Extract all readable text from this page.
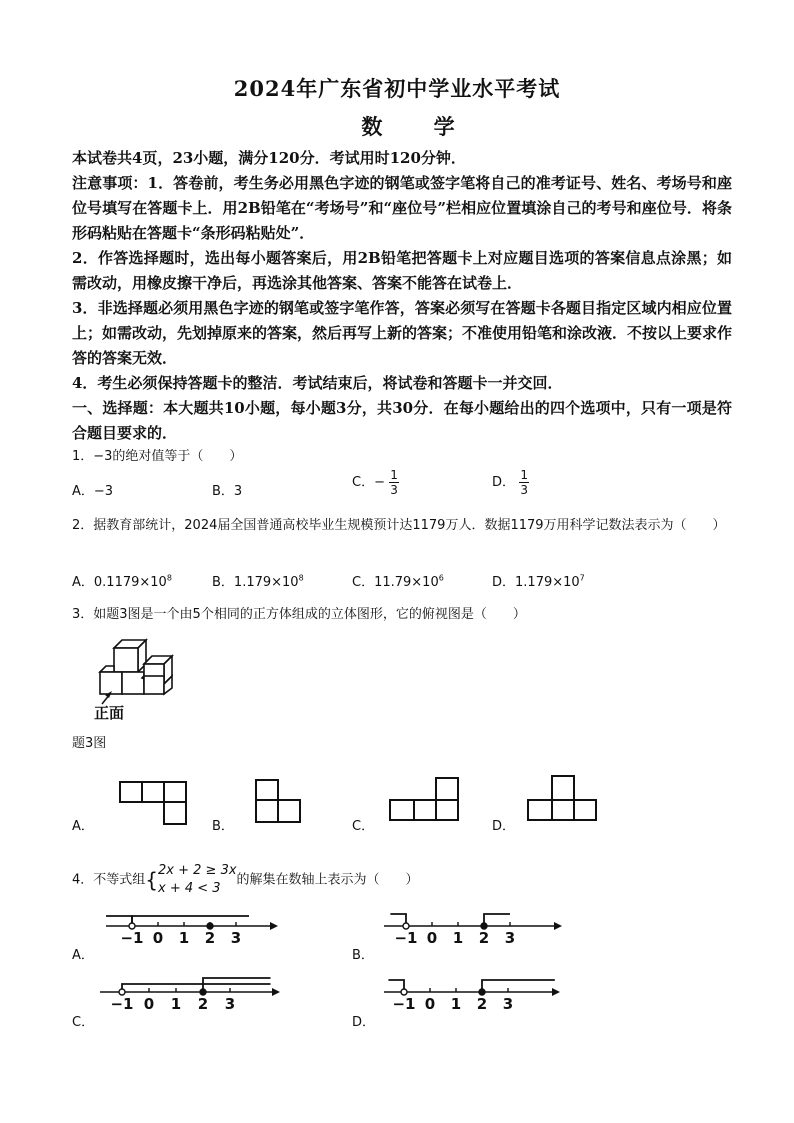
2024年广东省初中学业水平考试
数 学
本试卷共4页，23小题，满分120分．考试用时120分钟．
注意事项：1．答卷前，考生务必用黑色字迹的钢笔或签字笔将自己的准考证号、姓名、考场号和座位号填写在答题卡上．用2B铅笔在“考场号”和“座位号”栏相应位置填涂自己的考号和座位号．将条形码粘贴在答题卡“条形码粘贴处”．
2．作答选择题时，选出每小题答案后，用2B铅笔把答题卡上对应题目选项的答案信息点涂黑；如需改动，用橡皮擦干净后，再选涂其他答案、答案不能答在试卷上．
3．非选择题必须用黑色字迹的钢笔或签字笔作答，答案必须写在答题卡各题目指定区域内相应位置上；如需改动，先划掉原来的答案，然后再写上新的答案；不准使用铅笔和涂改液．不按以上要求作答的答案无效．
4．考生必须保持答题卡的整洁．考试结束后，将试卷和答题卡一并交回．
一、选择题：本大题共10小题，每小题3分，共30分．在每小题给出的四个选项中，只有一项是符合题目要求的．
1．−3的绝对值等于（　　）
A．−3	B．3
C．− $\frac{1}{3}$	D． $\frac{1}{3}$
2．据教育部统计，2024届全国普通高校毕业生规模预计达1179万人．数据1179万用科学记数法表示为（　　）
A．$0.1179\times 10^8$	B．$1.179\times 10^8$	C．$11.79\times 10^6$	D．$1.179\times 10^7$
3．如题3图是一个由5个相同的正方体组成的立体图形，它的俯视图是（　　）
正面
题3图
A．	B．	C．	D．
4．不等式组{ 2x + 2 ≥ 3x
x + 4 < 3
的解集在数轴上表示为（　　）
A．
−1 0 1 2 3
B．
−1 0 1 2 3
C．
−1 0 1 2 3
D．
−1 0 1 2 3
